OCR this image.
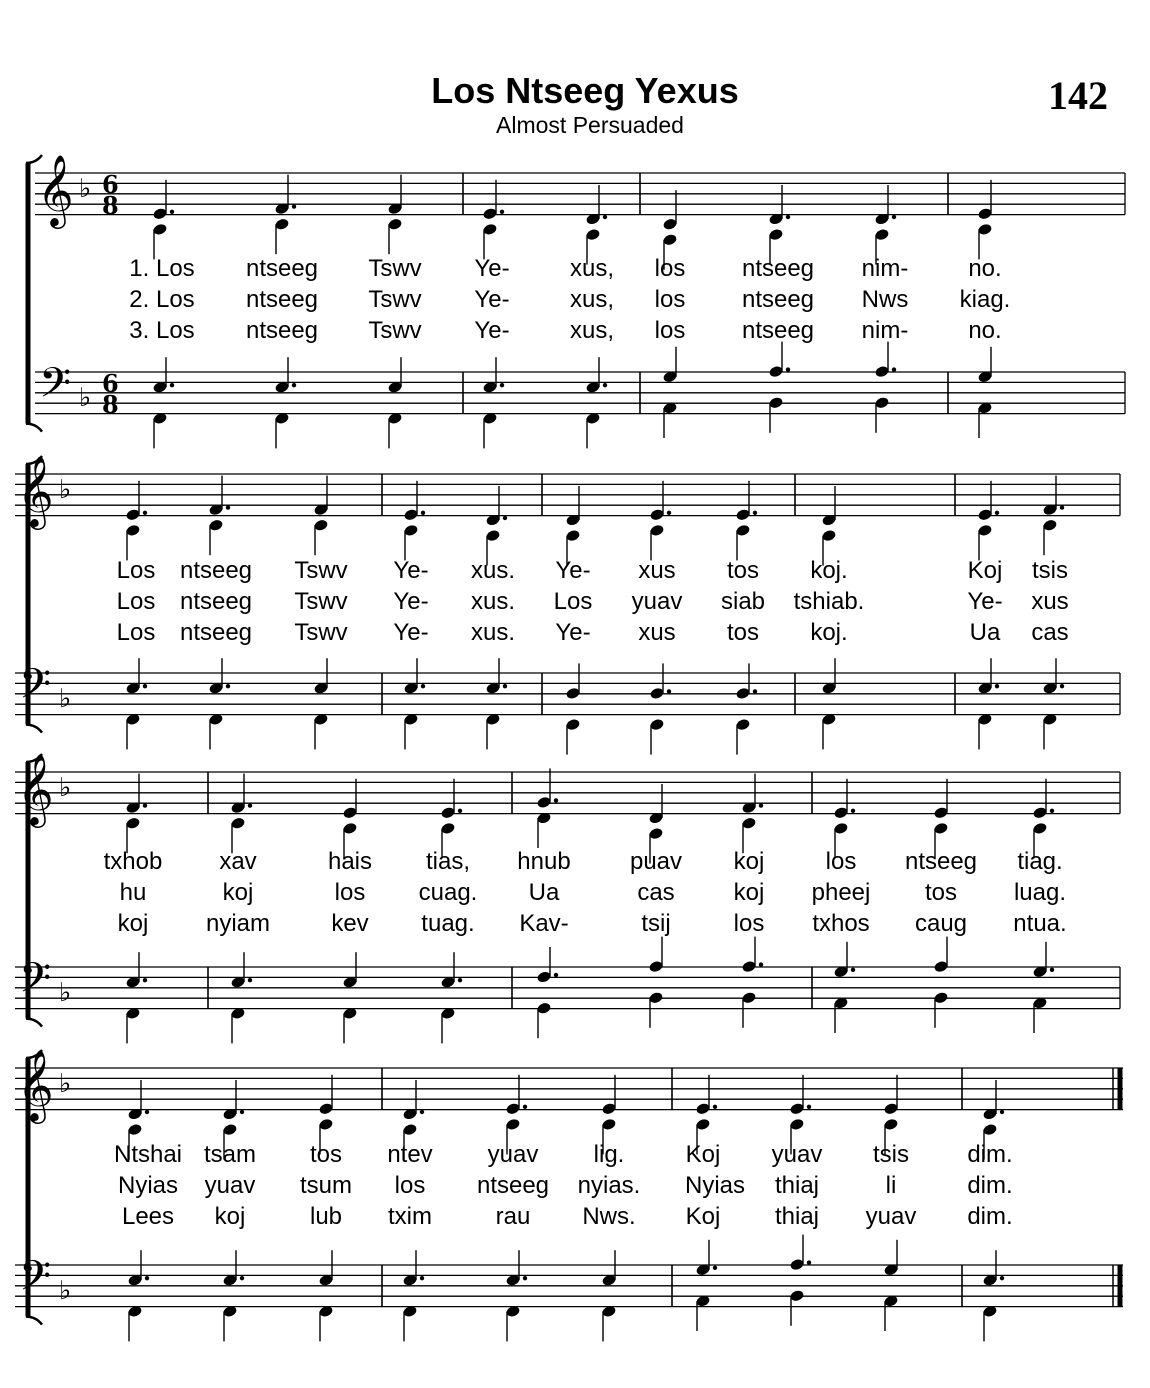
Los Ntseeg Yexus
Almost Persuaded
142
𝄞 ♭ 6
8
𝄢 ♭ 6
8
1. Los ntseeg Tswv Ye-	xus, los ntseeg nim- no.
2. Los ntseeg Tswv Ye-	xus, los ntseeg Nws kiag.
3. Los ntseeg Tswv Ye-	xus, los ntseeg nim- no.
𝄞 ♭
𝄢 ♭
Los ntseeg Tswv Ye- xus. Ye- xus tos koj.	Koj tsis
Los ntseeg Tswv Ye- xus. Los yuav siab tshiab.	Ye- xus
Los ntseeg Tswv Ye- xus. Ye- xus tos koj.	Ua cas
𝄞 ♭
𝄢 ♭
txhob xav	hais tias, hnub puav koj	los ntseeg tiag.
hu	koj	los cuag. Ua	cas koj pheej tos luag.
koj nyiam	kev tuag. Kav-	tsij	los txhos caug ntua.
𝄞 ♭
𝄢 ♭
Ntshai tsam tos ntev yuav lig.	Koj yuav tsis dim.
Nyias yuav tsum los ntseeg nyias. Nyias thiaj	li	dim.
Lees koj	lub txim	rau Nws. Koj thiaj yuav dim.
